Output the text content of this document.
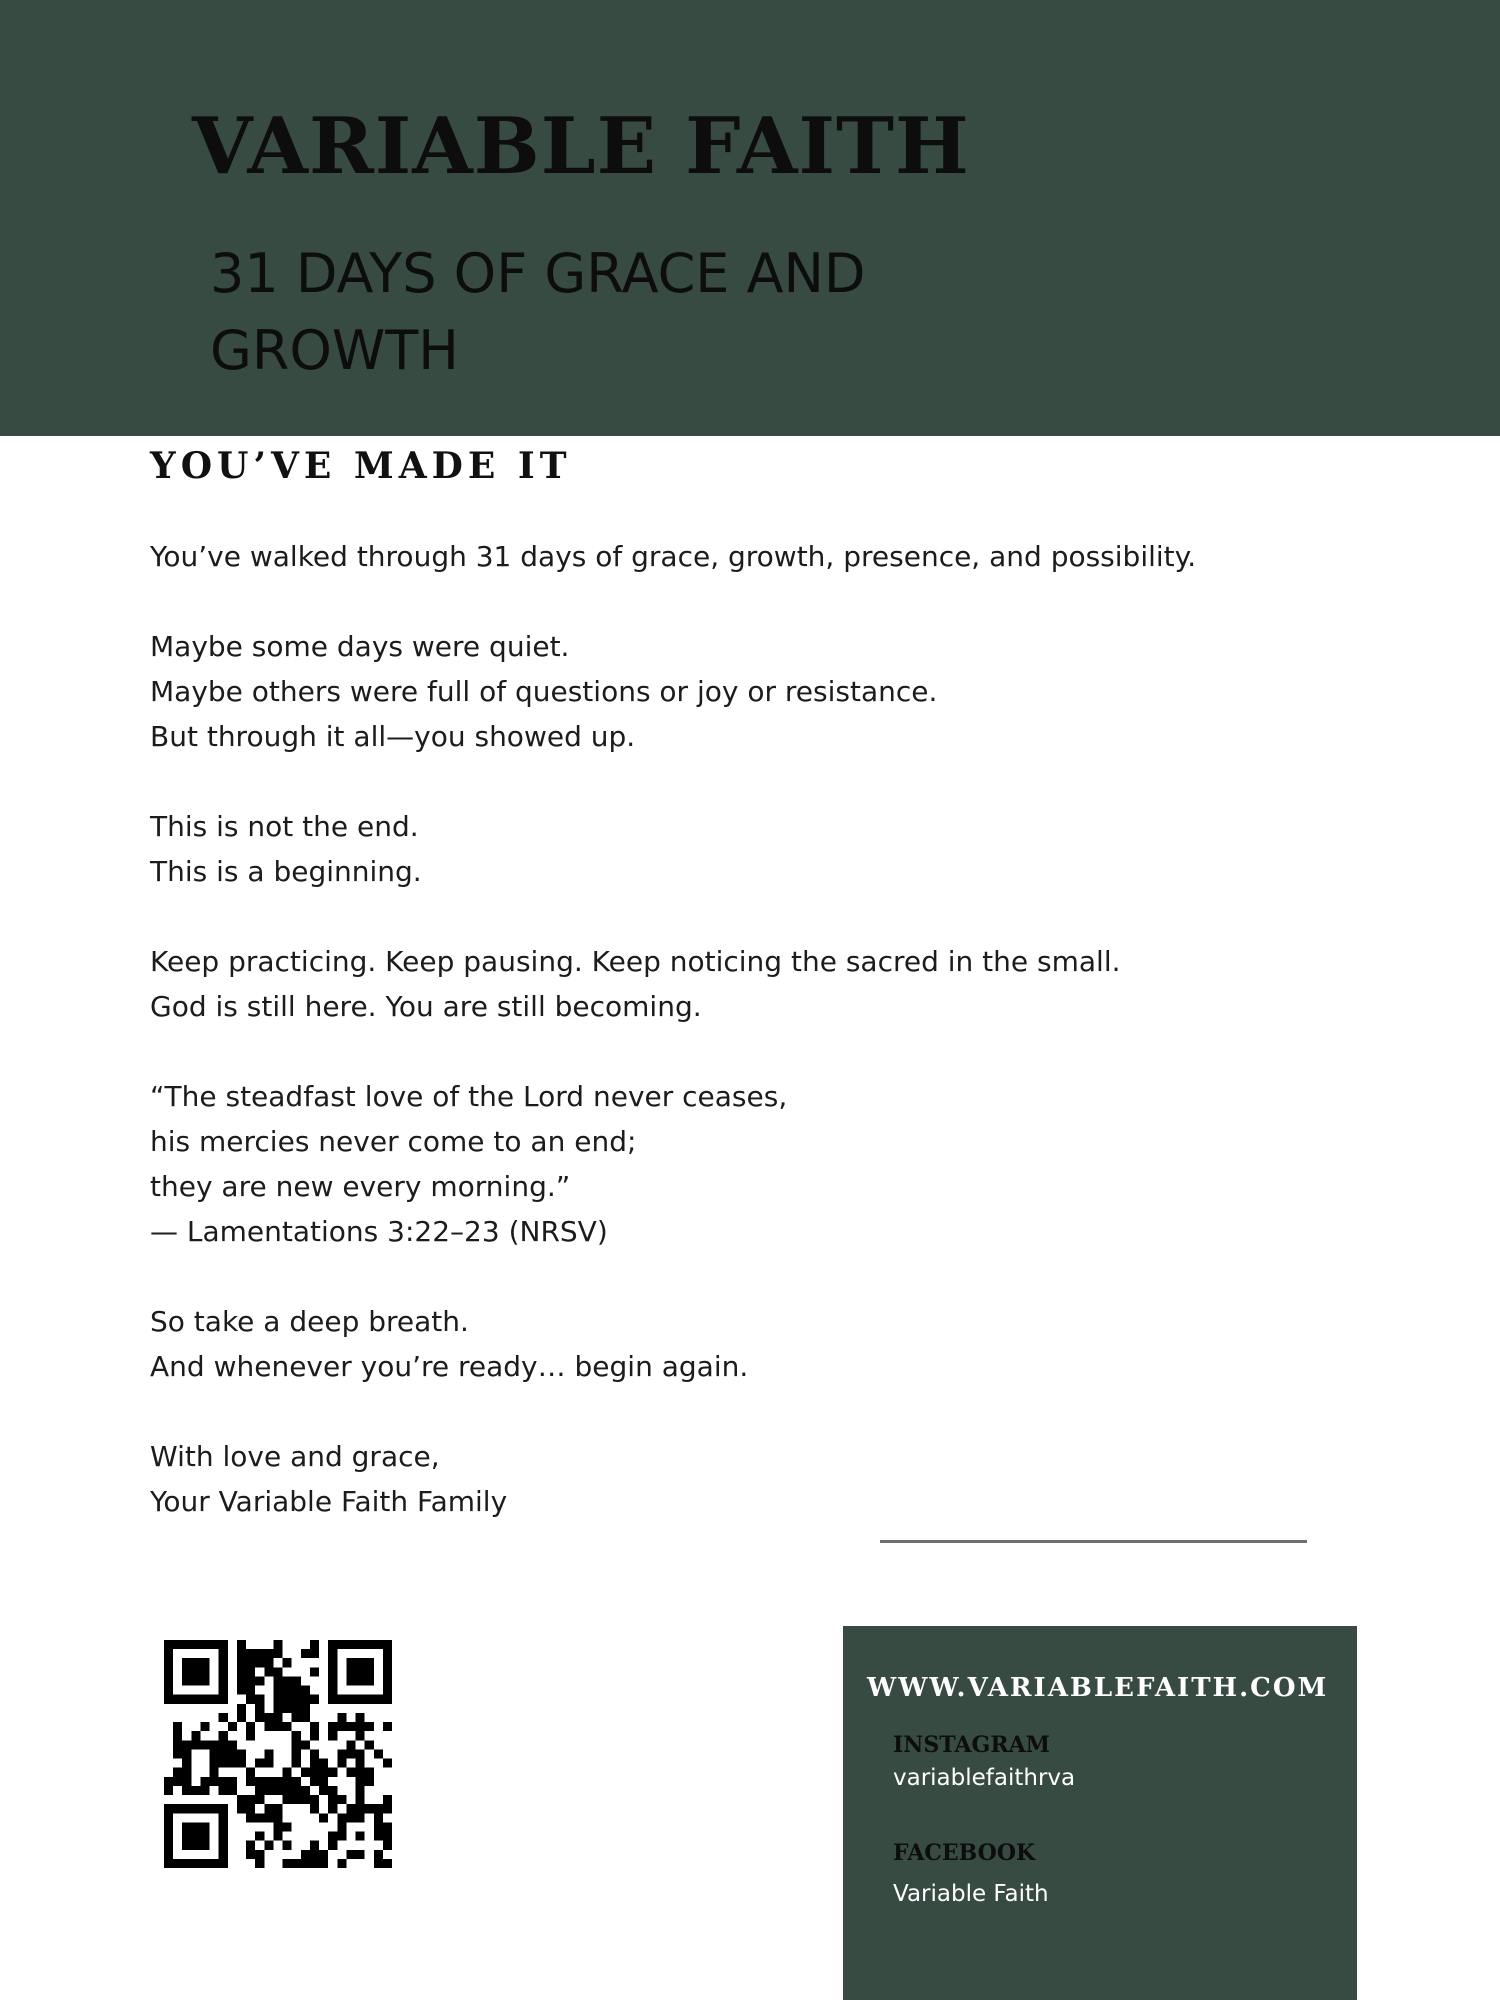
VARIABLE FAITH
31 DAYS OF GRACE AND GROWTH
YOU’VE MADE IT
You’ve walked through 31 days of grace, growth, presence, and possibility.
Maybe some days were quiet.
Maybe others were full of questions or joy or resistance.
But through it all—you showed up.
This is not the end.
This is a beginning.
Keep practicing. Keep pausing. Keep noticing the sacred in the small.
God is still here. You are still becoming.
“The steadfast love of the Lord never ceases,
his mercies never come to an end;
they are new every morning.”
— Lamentations 3:22–23 (NRSV)
So take a deep breath.
And whenever you’re ready… begin again.
With love and grace,
Your Variable Faith Family
WWW.VARIABLEFAITH.COM
INSTAGRAM
variablefaithrva
FACEBOOK
Variable Faith
